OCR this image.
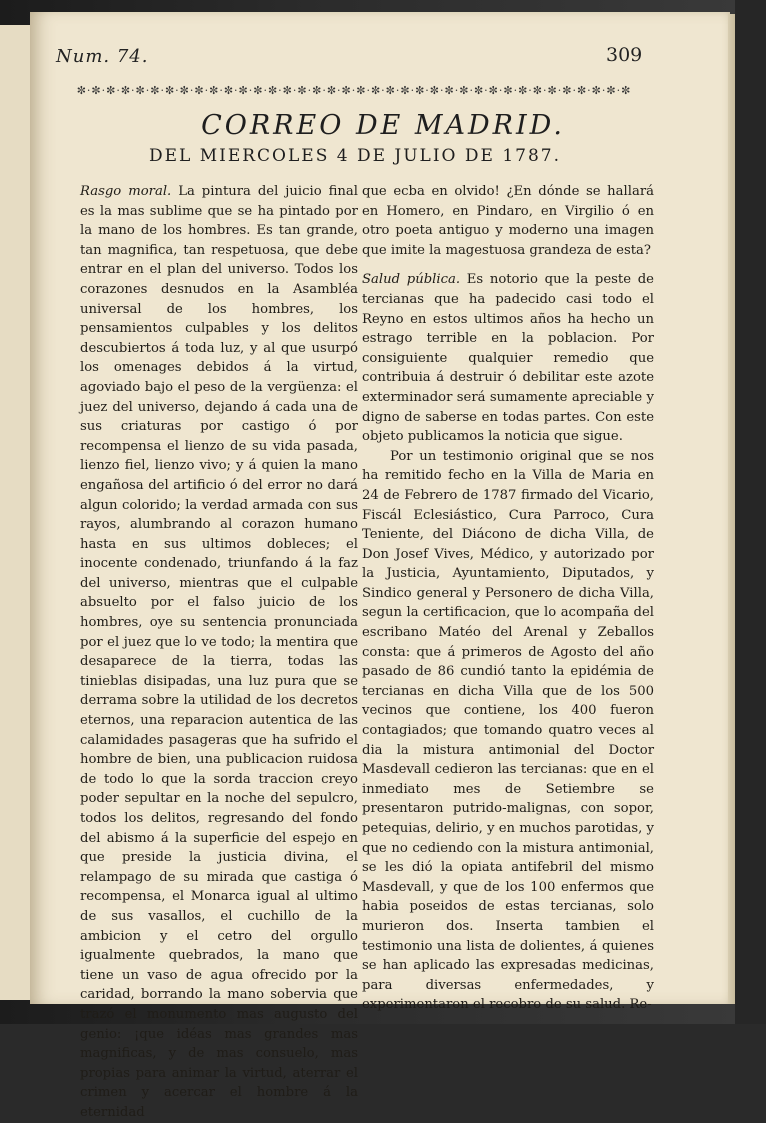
Num. 74.	309
✼·✼·✼·✼·✼·✼·✼·✼·✼·✼·✼·✼·✼·✼·✼·✼·✼·✼·✼·✼·✼·✼·✼·✼·✼·✼·✼·✼·✼·✼·✼·✼·✼·✼·✼·✼·✼·✼
CORREO DE MADRID.
DEL MIERCOLES 4 DE JULIO DE 1787.

Rasgo moral. La pintura del juicio final es la mas sublime que se ha pintado por la mano de los hombres. Es tan grande, tan magnifica, tan respetuosa, que debe entrar en el plan del universo. Todos los corazones desnudos en la Asambléa universal de los hombres, los pensamientos culpables y los delitos descubiertos á toda luz, y al que usurpó los omenages debidos á la virtud, agoviado bajo el peso de la vergüenza: el juez del universo, dejando á cada una de sus criaturas por castigo ó por recompensa el lienzo de su vida pasada, lienzo fiel, lienzo vivo; y á quien la mano engañosa del artificio ó del error no dará algun colorido; la verdad armada con sus rayos, alumbrando al corazon humano hasta en sus ultimos dobleces; el inocente condenado, triunfando á la faz del universo, mientras que el culpable absuelto por el falso juicio de los hombres, oye su sentencia pronunciada por el juez que lo ve todo; la mentira que desaparece de la tierra, todas las tinieblas disipadas, una luz pura que se derrama sobre la utilidad de los decretos eternos, una reparacion autentica de las calamidades pasageras que ha sufrido el hombre de bien, una publicacion ruidosa de todo lo que la sorda traccion creyo poder sepultar en la noche del sepulcro, todos los delitos, regresando del fondo del abismo á la superficie del espejo en que preside la justicia divina, el relampago de su mirada que castiga ó recompensa, el Monarca igual al ultimo de sus vasallos, el cuchillo de la ambicion y el cetro del orgullo igualmente quebrados, la mano que tiene un vaso de agua ofrecido por la caridad, borrando la mano sobervia que trazó el monumento mas augusto del genio: ¡que idéas mas grandes mas magnificas, y de mas consuelo, mas propias para animar la virtud, aterrar el crimen y acercar el hombre á la eternidad

que ecba en olvido! ¿En dónde se hallará en Homero, en Pindaro, en Virgilio ó en otro poeta antiguo y moderno una imagen que imite la magestuosa grandeza de esta?

Salud pública. Es notorio que la peste de tercianas que ha padecido casi todo el Reyno en estos ultimos años ha hecho un estrago terrible en la poblacion. Por consiguiente qualquier remedio que contribuia á destruir ó debilitar este azote exterminador será sumamente apreciable y digno de saberse en todas partes. Con este objeto publicamos la noticia que sigue.

Por un testimonio original que se nos ha remitido fecho en la Villa de Maria en 24 de Febrero de 1787 firmado del Vicario, Fiscál Eclesiástico, Cura Parroco, Cura Teniente, del Diácono de dicha Villa, de Don Josef Vives, Médico, y autorizado por la Justicia, Ayuntamiento, Diputados, y Sindico general y Personero de dicha Villa, segun la certificacion, que lo acompaña del escribano Matéo del Arenal y Zeballos consta: que á primeros de Agosto del año pasado de 86 cundió tanto la epidémia de tercianas en dicha Villa que de los 500 vecinos que contiene, los 400 fueron contagiados; que tomando quatro veces al dia la mistura antimonial del Doctor Masdevall cedieron las tercianas: que en el inmediato mes de Setiembre se presentaron putrido-malignas, con sopor, petequias, delirio, y en muchos parotidas, y que no cediendo con la mistura antimonial, se les dió la opiata antifebril del mismo Masdevall, y que de los 100 enfermos que habia poseidos de estas tercianas, solo murieron dos. Inserta tambien el testimonio una lista de dolientes, á quienes se han aplicado las expresadas medicinas, para diversas enfermedades, y experimentaron el recobro de su salud. Re-
